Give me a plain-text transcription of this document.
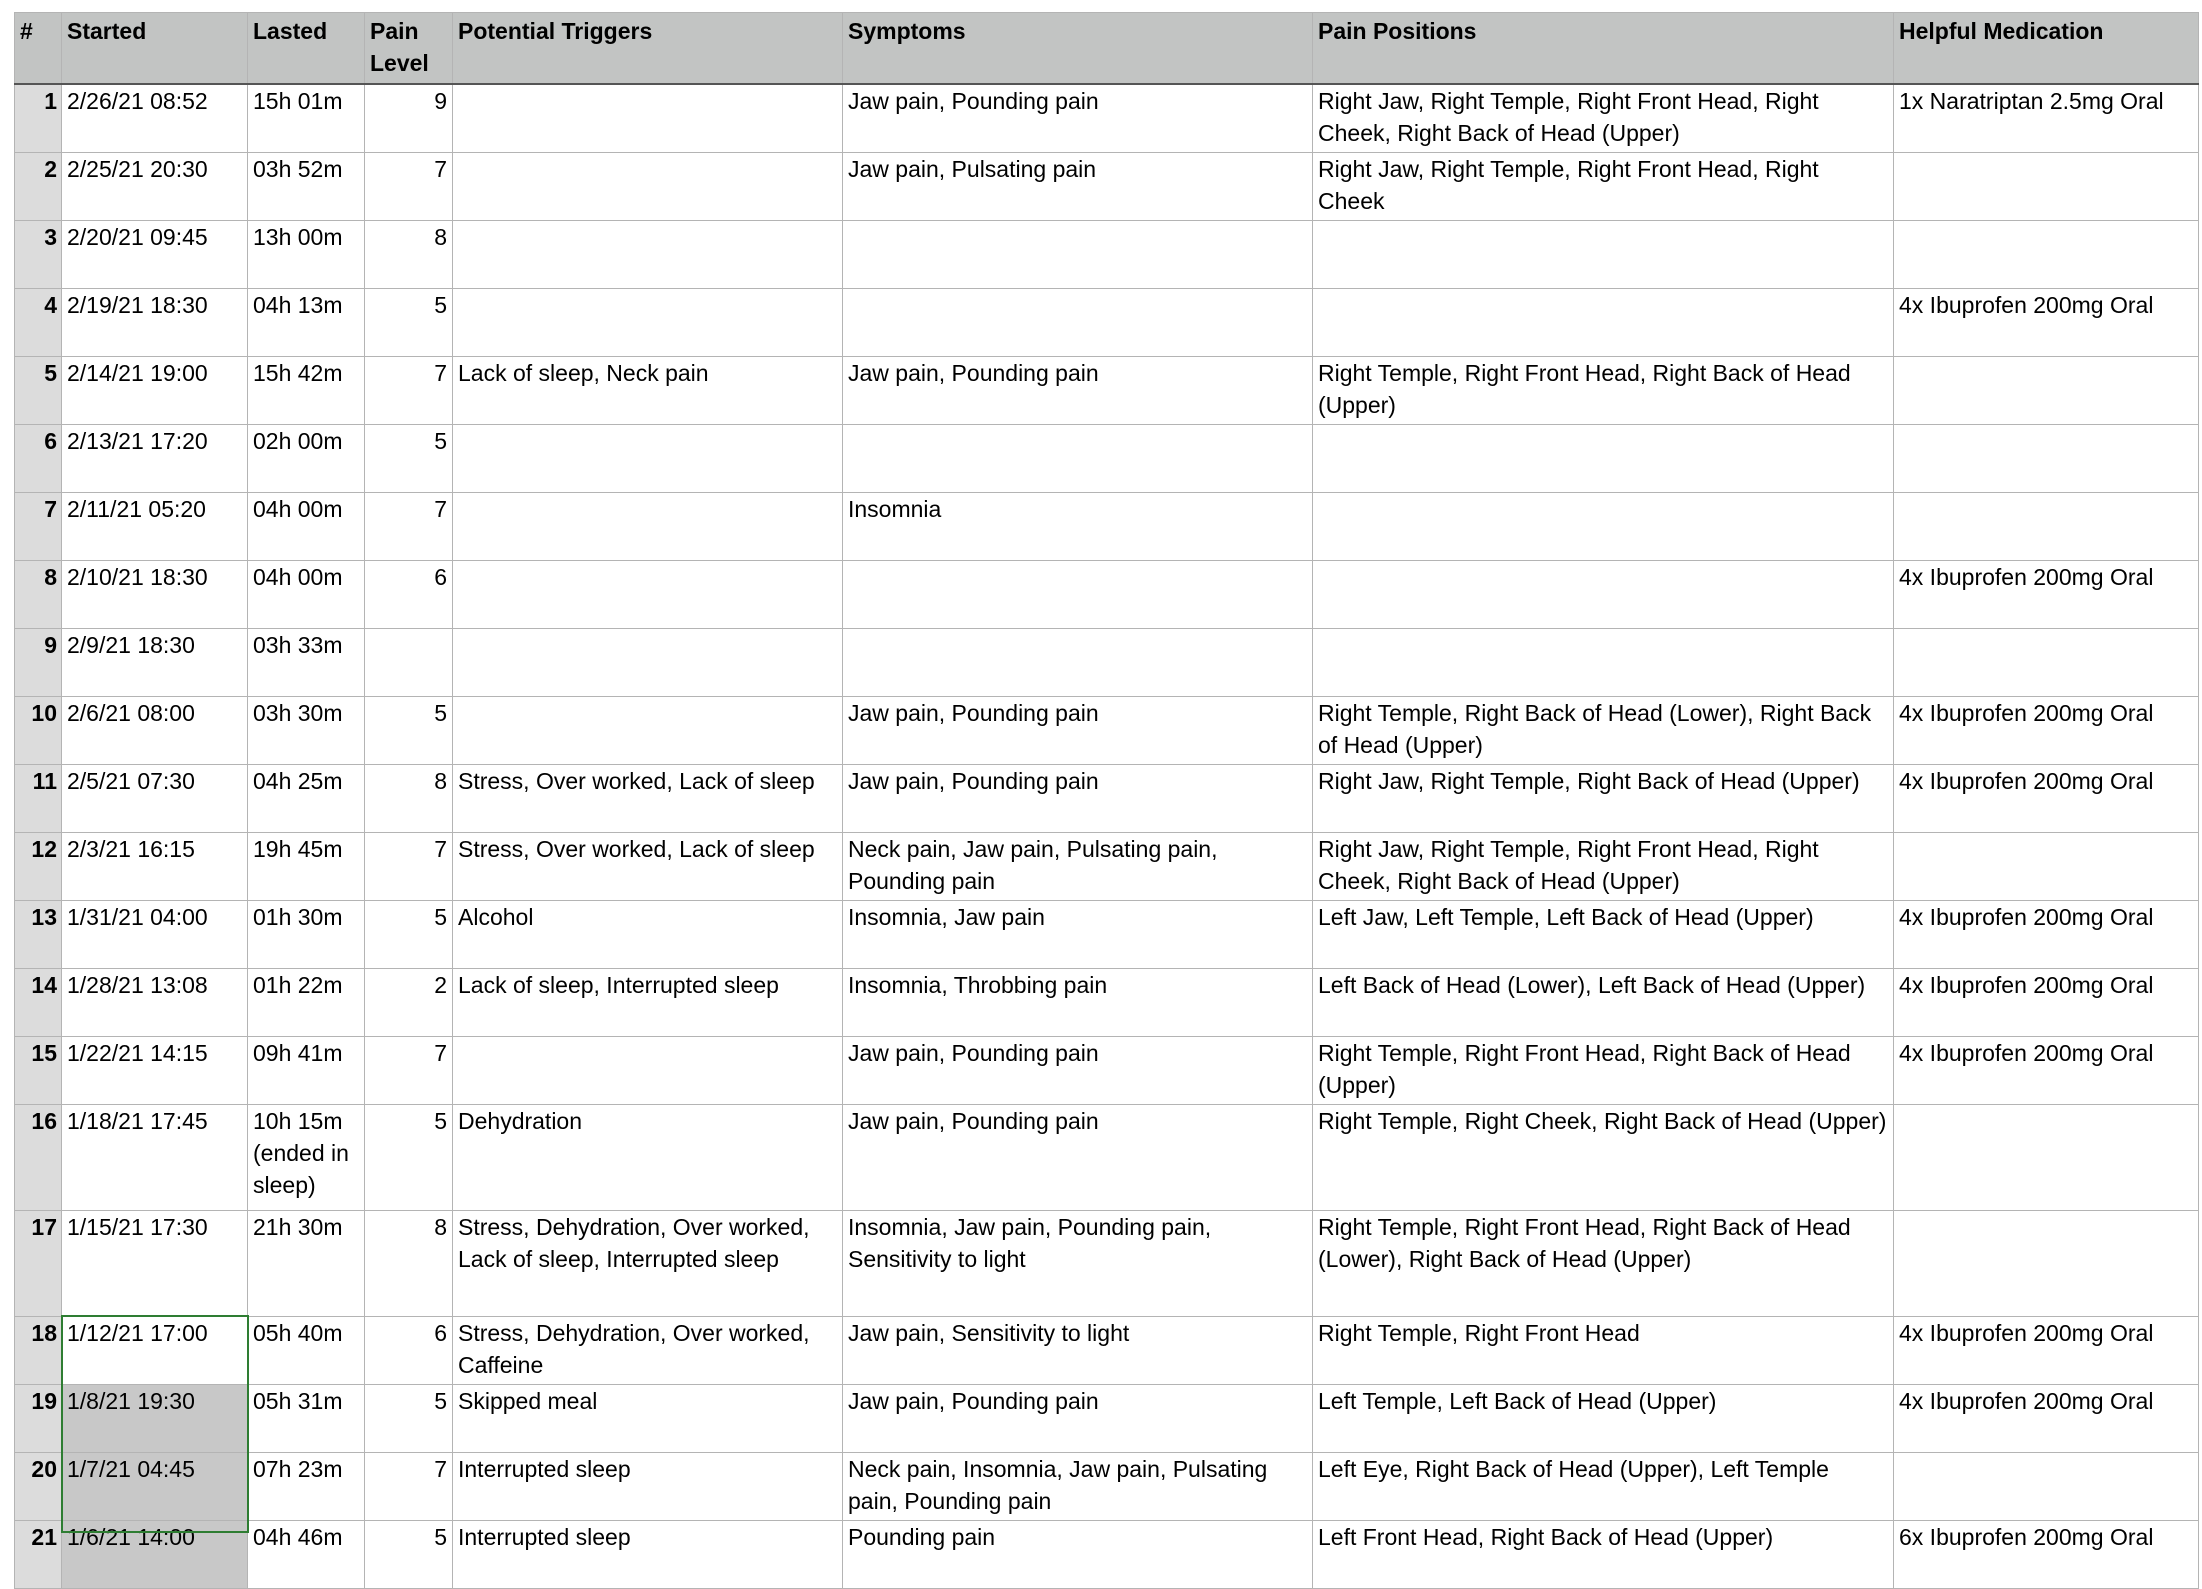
#	Started	Lasted	Pain Level	Potential Triggers	Symptoms	Pain Positions	Helpful Medication
1	2/26/21 08:52	15h 01m	9		Jaw pain, Pounding pain	Right Jaw, Right Temple, Right Front Head, Right Cheek, Right Back of Head (Upper)	1x Naratriptan 2.5mg Oral
2	2/25/21 20:30	03h 52m	7		Jaw pain, Pulsating pain	Right Jaw, Right Temple, Right Front Head, Right Cheek	
3	2/20/21 09:45	13h 00m	8				
4	2/19/21 18:30	04h 13m	5				4x Ibuprofen 200mg Oral
5	2/14/21 19:00	15h 42m	7	Lack of sleep, Neck pain	Jaw pain, Pounding pain	Right Temple, Right Front Head, Right Back of Head (Upper)	
6	2/13/21 17:20	02h 00m	5				
7	2/11/21 05:20	04h 00m	7		Insomnia		
8	2/10/21 18:30	04h 00m	6				4x Ibuprofen 200mg Oral
9	2/9/21 18:30	03h 33m					
10	2/6/21 08:00	03h 30m	5		Jaw pain, Pounding pain	Right Temple, Right Back of Head (Lower), Right Back of Head (Upper)	4x Ibuprofen 200mg Oral
11	2/5/21 07:30	04h 25m	8	Stress, Over worked, Lack of sleep	Jaw pain, Pounding pain	Right Jaw, Right Temple, Right Back of Head (Upper)	4x Ibuprofen 200mg Oral
12	2/3/21 16:15	19h 45m	7	Stress, Over worked, Lack of sleep	Neck pain, Jaw pain, Pulsating pain, Pounding pain	Right Jaw, Right Temple, Right Front Head, Right Cheek, Right Back of Head (Upper)	
13	1/31/21 04:00	01h 30m	5	Alcohol	Insomnia, Jaw pain	Left Jaw, Left Temple, Left Back of Head (Upper)	4x Ibuprofen 200mg Oral
14	1/28/21 13:08	01h 22m	2	Lack of sleep, Interrupted sleep	Insomnia, Throbbing pain	Left Back of Head (Lower), Left Back of Head (Upper)	4x Ibuprofen 200mg Oral
15	1/22/21 14:15	09h 41m	7		Jaw pain, Pounding pain	Right Temple, Right Front Head, Right Back of Head (Upper)	4x Ibuprofen 200mg Oral
16	1/18/21 17:45	10h 15m (ended in sleep)	5	Dehydration	Jaw pain, Pounding pain	Right Temple, Right Cheek, Right Back of Head (Upper)	
17	1/15/21 17:30	21h 30m	8	Stress, Dehydration, Over worked, Lack of sleep, Interrupted sleep	Insomnia, Jaw pain, Pounding pain, Sensitivity to light	Right Temple, Right Front Head, Right Back of Head (Lower), Right Back of Head (Upper)	
18	1/12/21 17:00	05h 40m	6	Stress, Dehydration, Over worked, Caffeine	Jaw pain, Sensitivity to light	Right Temple, Right Front Head	4x Ibuprofen 200mg Oral
19	1/8/21 19:30	05h 31m	5	Skipped meal	Jaw pain, Pounding pain	Left Temple, Left Back of Head (Upper)	4x Ibuprofen 200mg Oral
20	1/7/21 04:45	07h 23m	7	Interrupted sleep	Neck pain, Insomnia, Jaw pain, Pulsating pain, Pounding pain	Left Eye, Right Back of Head (Upper), Left Temple	
21	1/6/21 14:00	04h 46m	5	Interrupted sleep	Pounding pain	Left Front Head, Right Back of Head (Upper)	6x Ibuprofen 200mg Oral
